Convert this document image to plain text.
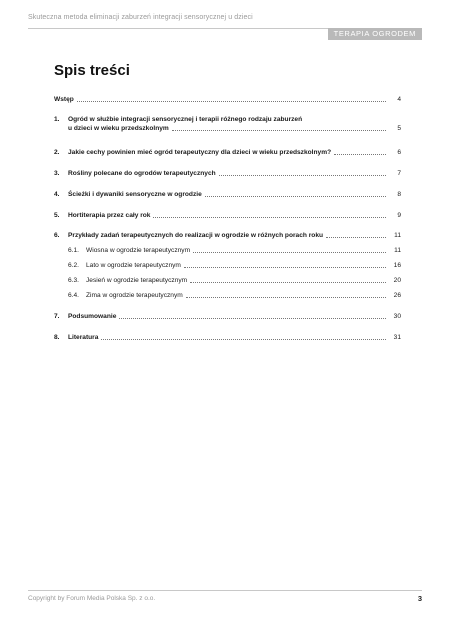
Skuteczna metoda eliminacji zaburzeń integracji sensorycznej u dzieci
TERAPIA OGRODEM
Spis treści
Wstęp	4
1.	Ogród w służbie integracji sensorycznej i terapii różnego rodzaju zaburzeń
u dzieci w wieku przedszkolnym	5
2.	Jakie cechy powinien mieć ogród terapeutyczny dla dzieci w wieku przedszkolnym?	6
3.	Rośliny polecane do ogrodów terapeutycznych	7
4.	Ścieżki i dywaniki sensoryczne w ogrodzie	8
5.	Hortiterapia przez cały rok	9
6.	Przykłady zadań terapeutycznych do realizacji w ogrodzie w różnych porach roku	11
6.1.	Wiosna w ogrodzie terapeutycznym	11
6.2.	Lato w ogrodzie terapeutycznym	16
6.3.	Jesień w ogrodzie terapeutycznym	20
6.4.	Zima w ogrodzie terapeutycznym	26
7.	Podsumowanie	30
8.	Literatura	31
Copyright by Forum Media Polska Sp. z o.o.	3
